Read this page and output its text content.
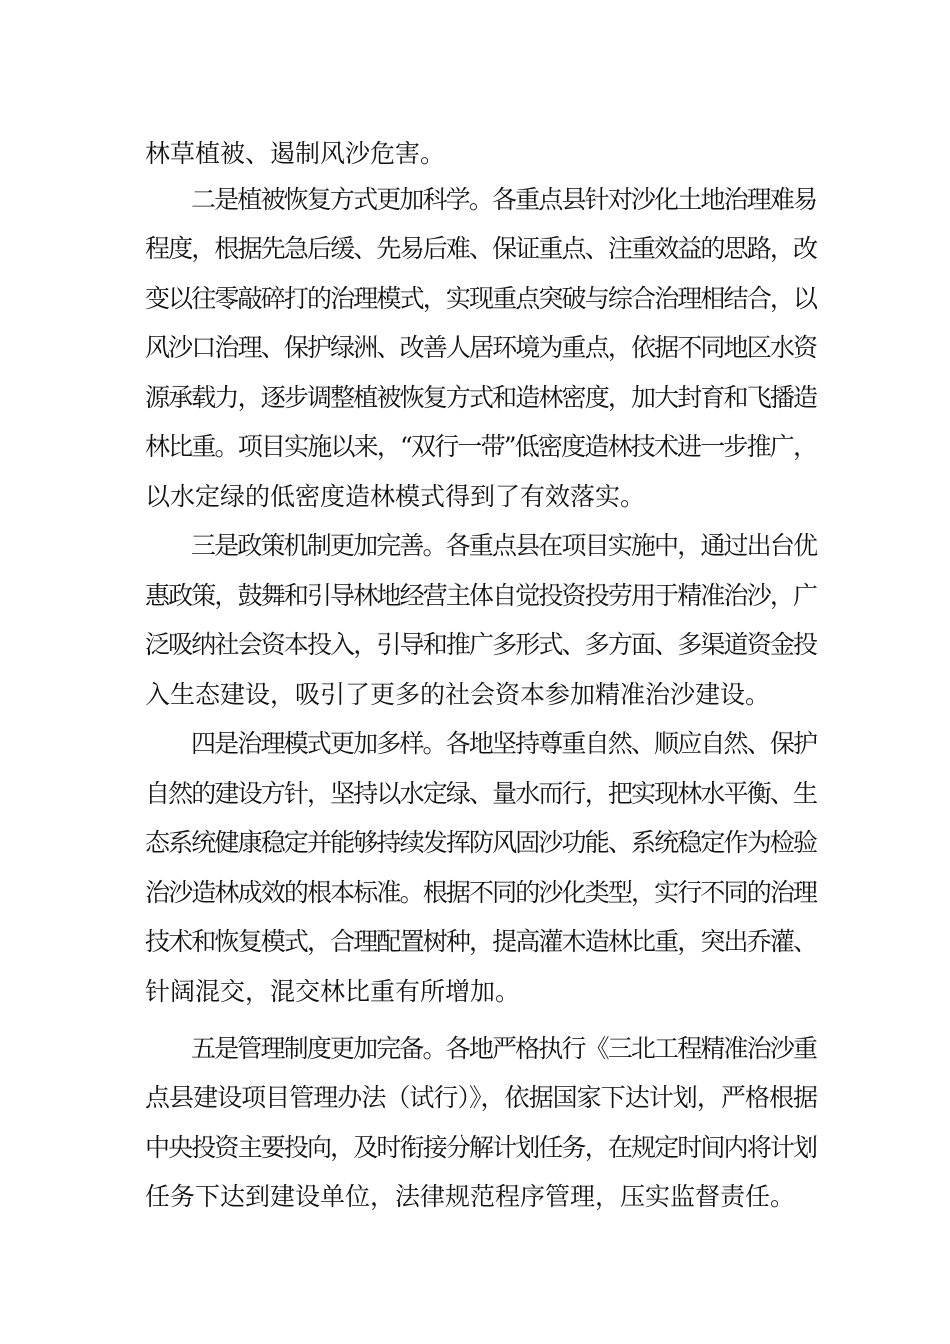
林草植被、遏制风沙危害。
二是植被恢复方式更加科学。各重点县针对沙化土地治理难易
程度，根据先急后缓、先易后难、保证重点、注重效益的思路，改
变以往零敲碎打的治理模式，实现重点突破与综合治理相结合，以
风沙口治理、保护绿洲、改善人居环境为重点，依据不同地区水资
源承载力，逐步调整植被恢复方式和造林密度，加大封育和飞播造
林比重。项目实施以来，“双行一带”低密度造林技术进一步推广，
以水定绿的低密度造林模式得到了有效落实。
三是政策机制更加完善。各重点县在项目实施中，通过出台优
惠政策，鼓舞和引导林地经营主体自觉投资投劳用于精准治沙，广
泛吸纳社会资本投入，引导和推广多形式、多方面、多渠道资金投
入生态建设，吸引了更多的社会资本参加精准治沙建设。
四是治理模式更加多样。各地坚持尊重自然、顺应自然、保护
自然的建设方针，坚持以水定绿、量水而行，把实现林水平衡、生
态系统健康稳定并能够持续发挥防风固沙功能、系统稳定作为检验
治沙造林成效的根本标准。根据不同的沙化类型，实行不同的治理
技术和恢复模式，合理配置树种，提高灌木造林比重，突出乔灌、
针阔混交，混交林比重有所增加。
五是管理制度更加完备。各地严格执行《三北工程精准治沙重
点县建设项目管理办法（试行）》，依据国家下达计划，严格根据
中央投资主要投向，及时衔接分解计划任务，在规定时间内将计划
任务下达到建设单位，法律规范程序管理，压实监督责任。
